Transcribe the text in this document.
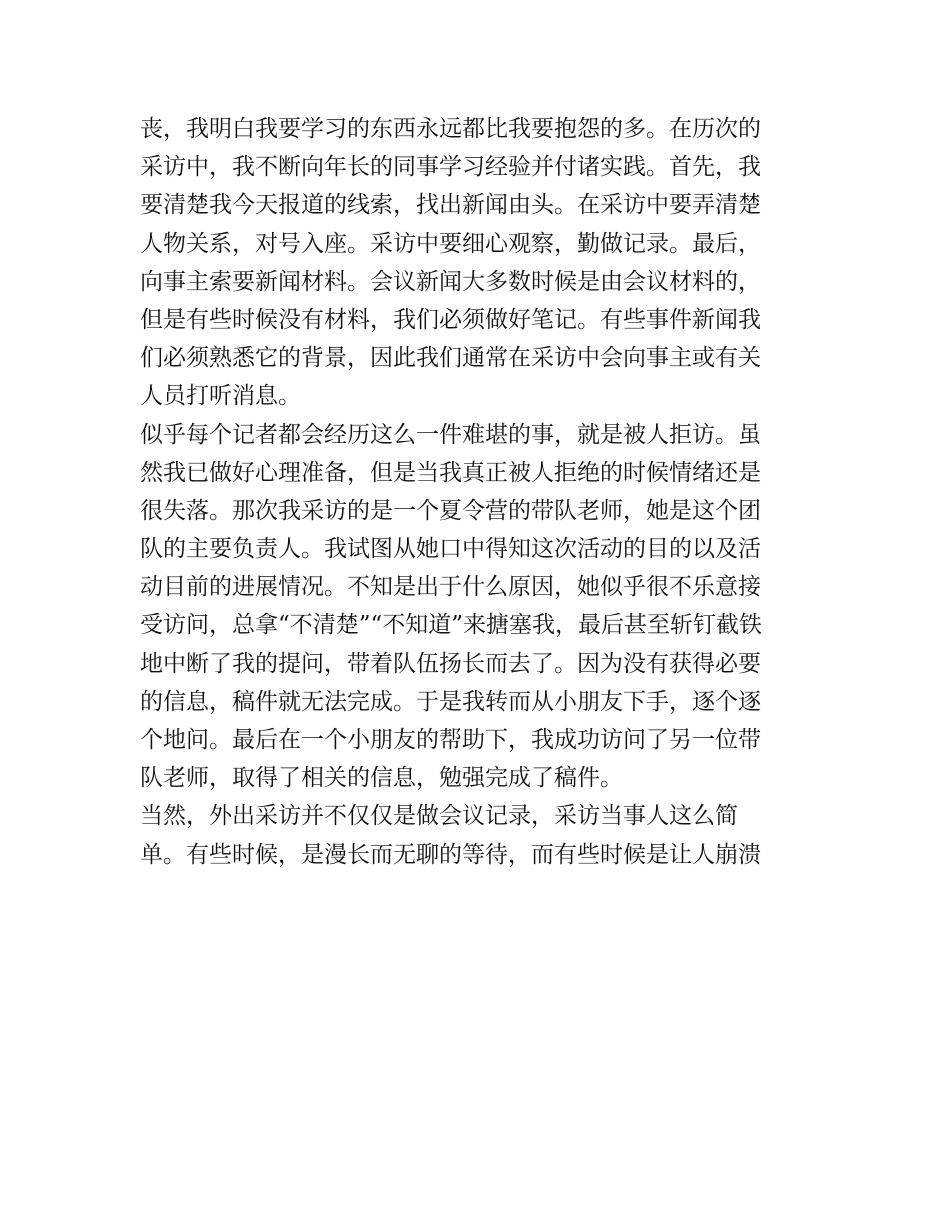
丧，我明白我要学习的东西永远都比我要抱怨的多。在历次的
采访中，我不断向年长的同事学习经验并付诸实践。首先，我
要清楚我今天报道的线索，找出新闻由头。在采访中要弄清楚
人物关系，对号入座。采访中要细心观察，勤做记录。最后，
向事主索要新闻材料。会议新闻大多数时候是由会议材料的，
但是有些时候没有材料，我们必须做好笔记。有些事件新闻我
们必须熟悉它的背景，因此我们通常在采访中会向事主或有关
人员打听消息。
似乎每个记者都会经历这么一件难堪的事，就是被人拒访。虽
然我已做好心理准备，但是当我真正被人拒绝的时候情绪还是
很失落。那次我采访的是一个夏令营的带队老师，她是这个团
队的主要负责人。我试图从她口中得知这次活动的目的以及活
动目前的进展情况。不知是出于什么原因，她似乎很不乐意接
受访问，总拿“不清楚”“不知道”来搪塞我，最后甚至斩钉截铁
地中断了我的提问，带着队伍扬长而去了。因为没有获得必要
的信息，稿件就无法完成。于是我转而从小朋友下手，逐个逐
个地问。最后在一个小朋友的帮助下，我成功访问了另一位带
队老师，取得了相关的信息，勉强完成了稿件。
当然，外出采访并不仅仅是做会议记录，采访当事人这么简
单。有些时候，是漫长而无聊的等待，而有些时候是让人崩溃
